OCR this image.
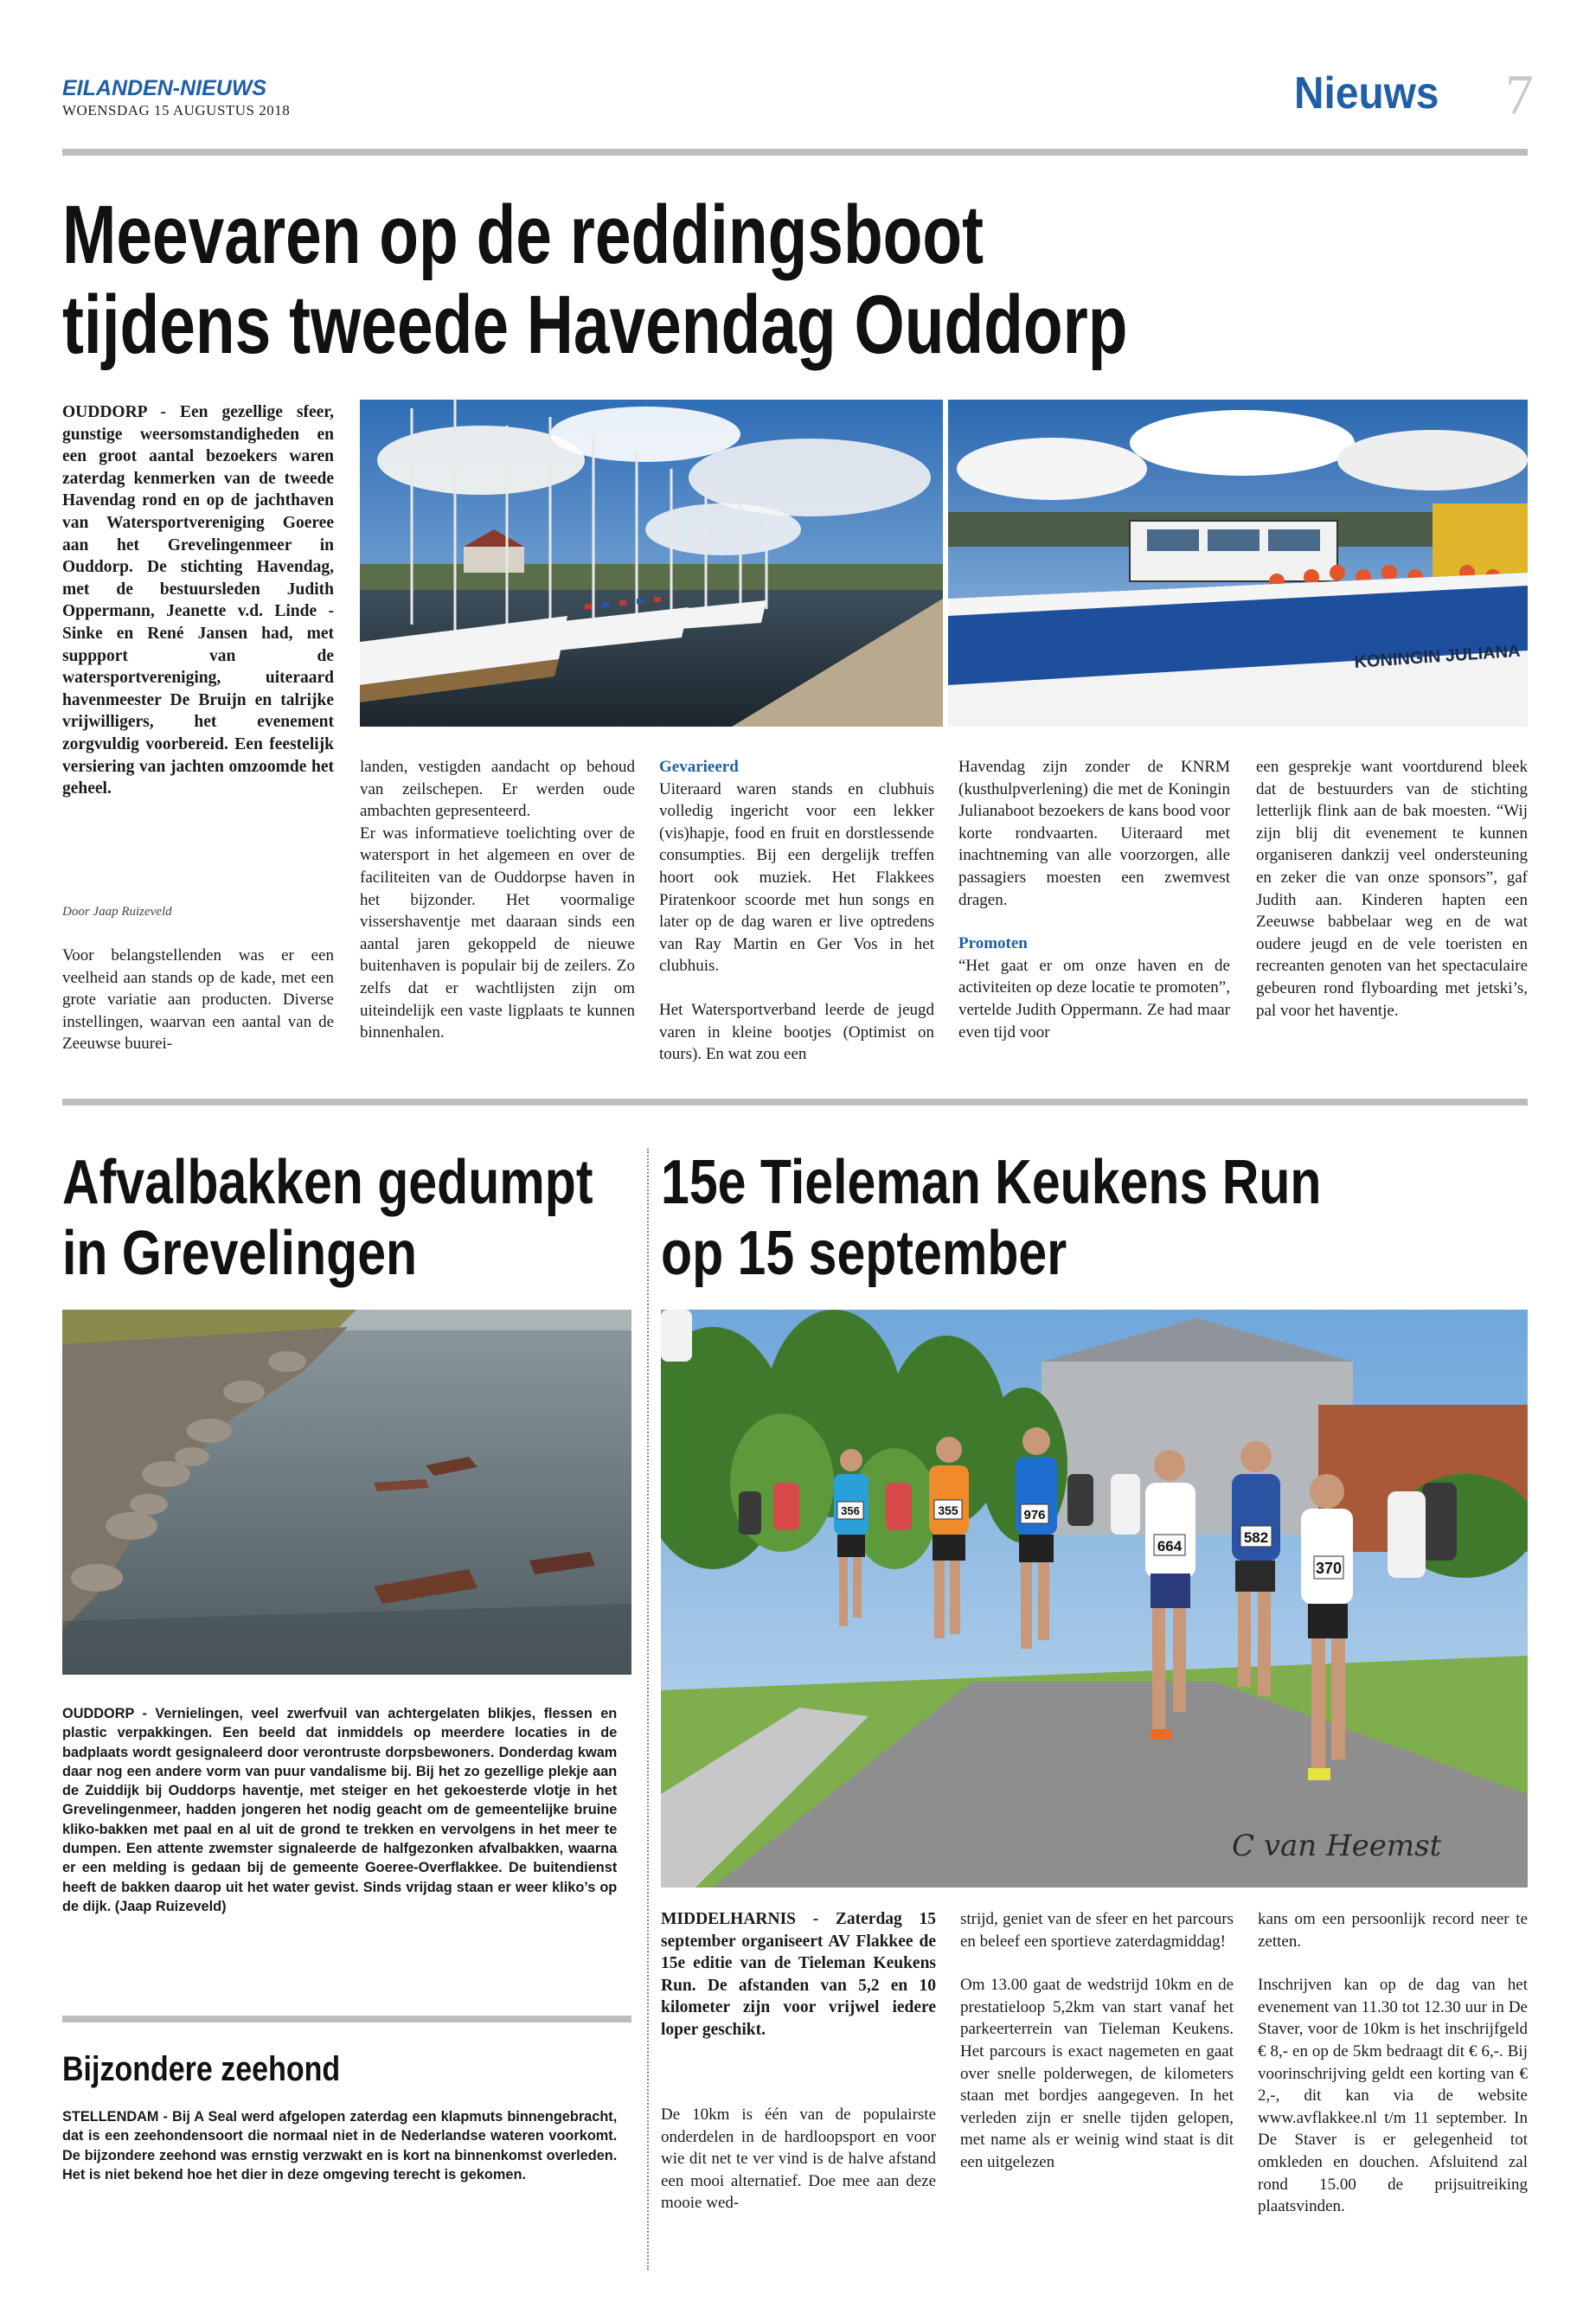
EILANDEN-NIEUWS
WOENSDAG 15 AUGUSTUS 2018	Nieuws 7
Meevaren op de reddingsboot
tijdens tweede Havendag Ouddorp
OUDDORP - Een gezellige sfeer, gunstige weersomstandigheden en een groot aantal bezoekers waren zaterdag kenmerken van de tweede Havendag rond en op de jachthaven van Watersportvereniging Goeree aan het Grevelingenmeer in Ouddorp. De stichting Havendag, met de bestuursleden Judith Oppermann, Jeanette v.d. Linde - Sinke en René Jansen had, met suppport van de watersportvereniging, uiteraard havenmeester De Bruijn en talrijke vrijwilligers, het evenement zorgvuldig voorbereid. Een feestelijk versiering van jachten omzoomde het geheel.
Door Jaap Ruizeveld

Voor belangstellenden was er een veelheid aan stands op de kade, met een grote variatie aan producten. Diverse instellingen, waarvan een aantal van de Zeeuwse buurei-

KONINGIN JULIANA

landen, vestigden aandacht op behoud van zeilschepen. Er werden oude ambachten gepresenteerd.

Er was informatieve toelichting over de watersport in het algemeen en over de faciliteiten van de Ouddorpse haven in het bijzonder. Het voormalige vissershaventje met daaraan sinds een aantal jaren gekoppeld de nieuwe buitenhaven is populair bij de zeilers. Zo zelfs dat er wachtlijsten zijn om uiteindelijk een vaste ligplaats te kunnen binnenhalen.

Gevarieerd

Uiteraard waren stands en clubhuis volledig ingericht voor een lekker (vis)hapje, food en fruit en dorstlessende consumpties. Bij een dergelijk treffen hoort ook muziek. Het Flakkees Piratenkoor scoorde met hun songs en later op de dag waren er live optredens van Ray Martin en Ger Vos in het clubhuis.

Het Watersportverband leerde de jeugd varen in kleine bootjes (Optimist on tours). En wat zou een

Havendag zijn zonder de KNRM (kusthulpverlening) die met de Koningin Julianaboot bezoekers de kans bood voor korte rondvaarten. Uiteraard met inachtneming van alle voorzorgen, alle passagiers moesten een zwemvest dragen.

Promoten

“Het gaat er om onze haven en de activiteiten op deze locatie te promoten”, vertelde Judith Oppermann. Ze had maar even tijd voor

een gesprekje want voortdurend bleek dat de bestuurders van de stichting letterlijk flink aan de bak moesten. “Wij zijn blij dit evenement te kunnen organiseren dankzij veel ondersteuning en zeker die van onze sponsors”, gaf Judith aan. Kinderen hapten een Zeeuwse babbelaar weg en de wat oudere jeugd en de vele toeristen en recreanten genoten van het spectaculaire gebeuren rond flyboarding met jetski’s, pal voor het haventje.

Afvalbakken gedumpt
in Grevelingen
OUDDORP - Vernielingen, veel zwerfvuil van achtergelaten blikjes, flessen en plastic verpakkingen. Een beeld dat inmiddels op meerdere locaties in de badplaats wordt gesignaleerd door verontruste dorpsbewoners. Donderdag kwam daar nog een andere vorm van puur vandalisme bij. Bij het zo gezellige plekje aan de Zuiddijk bij Ouddorps haventje, met steiger en het gekoesterde vlotje in het Grevelingenmeer, hadden jongeren het nodig geacht om de gemeentelijke bruine kliko-bakken met paal en al uit de grond te trekken en vervolgens in het meer te dumpen. Een attente zwemster signaleerde de halfgezonken afvalbakken, waarna er een melding is gedaan bij de gemeente Goeree-Overflakkee. De buitendienst heeft de bakken daarop uit het water gevist. Sinds vrijdag staan er weer kliko’s op de dijk. (Jaap Ruizeveld)
Bijzondere zeehond
STELLENDAM - Bij A Seal werd afgelopen zaterdag een klapmuts binnengebracht, dat is een zeehondensoort die normaal niet in de Nederlandse wateren voorkomt. De bijzondere zeehond was ernstig verzwakt en is kort na binnenkomst overleden. Het is niet bekend hoe het dier in deze omgeving terecht is gekomen.
15e Tieleman Keukens Run
op 15 september
370
664
582
976
355
356
C van Heemst
MIDDELHARNIS - Zaterdag 15 september organiseert AV Flakkee de 15e editie van de Tieleman Keukens Run. De afstanden van 5,2 en 10 kilometer zijn voor vrijwel iedere loper geschikt.

De 10km is één van de populairste onderdelen in de hardloopsport en voor wie dit net te ver vind is de halve afstand een mooi alternatief. Doe mee aan deze mooie wed-

strijd, geniet van de sfeer en het parcours en beleef een sportieve zaterdagmiddag!

Om 13.00 gaat de wedstrijd 10km en de prestatieloop 5,2km van start vanaf het parkeerterrein van Tieleman Keukens. Het parcours is exact nagemeten en gaat over snelle polderwegen, de kilometers staan met bordjes aangegeven. In het verleden zijn er snelle tijden gelopen, met name als er weinig wind staat is dit een uitgelezen

kans om een persoonlijk record neer te zetten.

Inschrijven kan op de dag van het evenement van 11.30 tot 12.30 uur in De Staver, voor de 10km is het inschrijfgeld € 8,- en op de 5km bedraagt dit € 6,-. Bij voorinschrijving geldt een korting van € 2,-, dit kan via de website www.avflakkee.nl t/m 11 september. In De Staver is er gelegenheid tot omkleden en douchen. Afsluitend zal rond 15.00 de prijsuitreiking plaatsvinden.
